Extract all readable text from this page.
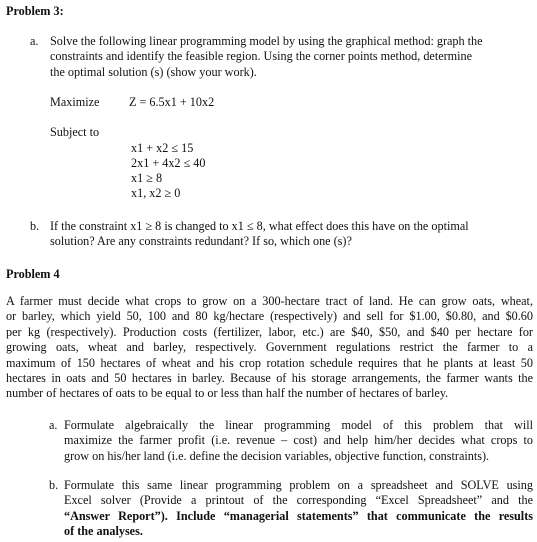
Problem 3:
a. Solve the following linear programming model by using the graphical method: graph the
constraints and identify the feasible region. Using the corner points method, determine
the optimal solution (s) (show your work).
Maximize Z = 6.5x1 + 10x2
Subject to
x1 + x2 ≤ 15
2x1 + 4x2 ≤ 40
x1 ≥ 8
x1, x2 ≥ 0
b. If the constraint x1 ≥ 8 is changed to x1 ≤ 8, what effect does this have on the optimal
solution? Are any constraints redundant? If so, which one (s)?
Problem 4
A farmer must decide what crops to grow on a 300-hectare tract of land. He can grow oats, wheat,
or barley, which yield 50, 100 and 80 kg/hectare (respectively) and sell for $1.00, $0.80, and $0.60
per kg (respectively). Production costs (fertilizer, labor, etc.) are $40, $50, and $40 per hectare for
growing oats, wheat and barley, respectively. Government regulations restrict the farmer to a
maximum of 150 hectares of wheat and his crop rotation schedule requires that he plants at least 50
hectares in oats and 50 hectares in barley. Because of his storage arrangements, the farmer wants the
number of hectares of oats to be equal to or less than half the number of hectares of barley.
a. Formulate algebraically the linear programming model of this problem that will
maximize the farmer profit (i.e. revenue – cost) and help him/her decides what crops to
grow on his/her land (i.e. define the decision variables, objective function, constraints).
b. Formulate this same linear programming problem on a spreadsheet and SOLVE using
Excel solver (Provide a printout of the corresponding “Excel Spreadsheet” and the
“Answer Report”). Include “managerial statements” that communicate the results
of the analyses.
